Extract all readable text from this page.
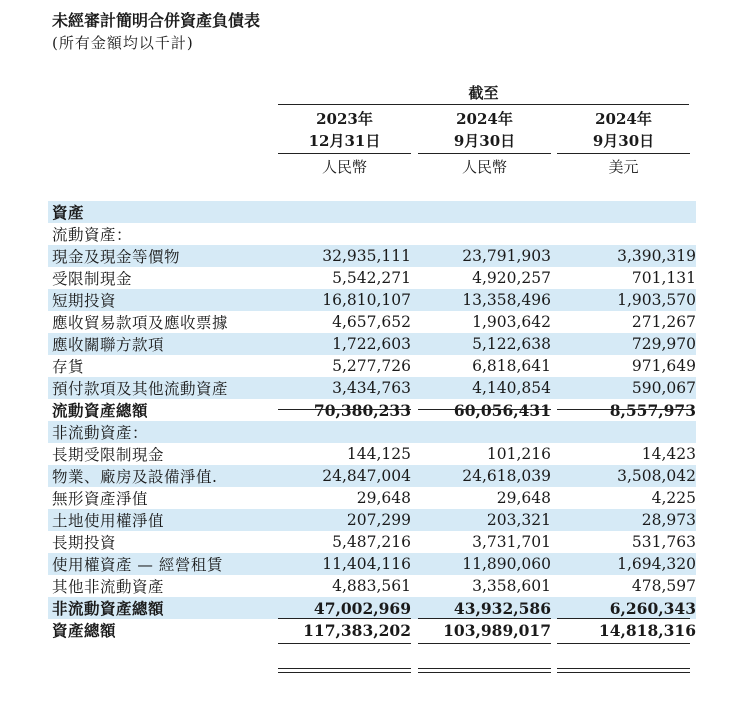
未經審計簡明合併資產負債表
(所有金額均以千計)
截至
2023年
12月31日
2024年
9月30日
2024年
9月30日
人民幣	人民幣	美元
資產					
流動資產：					
現金及現金等價物	32,935,111		23,791,903		3,390,319
受限制現金	5,542,271		4,920,257		701,131
短期投資	16,810,107		13,358,496		1,903,570
應收貿易款項及應收票據	4,657,652		1,903,642		271,267
應收關聯方款項	1,722,603		5,122,638		729,970
存貨	5,277,726		6,818,641		971,649
預付款項及其他流動資產	3,434,763		4,140,854		590,067
流動資產總額	70,380,233		60,056,431		8,557,973
非流動資產：					
長期受限制現金	144,125		101,216		14,423
物業、廠房及設備淨值.	24,847,004		24,618,039		3,508,042
無形資產淨值	29,648		29,648		4,225
土地使用權淨值	207,299		203,321		28,973
長期投資	5,487,216		3,731,701		531,763
使用權資產 — 經營租賃	11,404,116		11,890,060		1,694,320
其他非流動資產	4,883,561		3,358,601		478,597
非流動資產總額	47,002,969		43,932,586		6,260,343
資產總額	117,383,202		103,989,017		14,818,316
